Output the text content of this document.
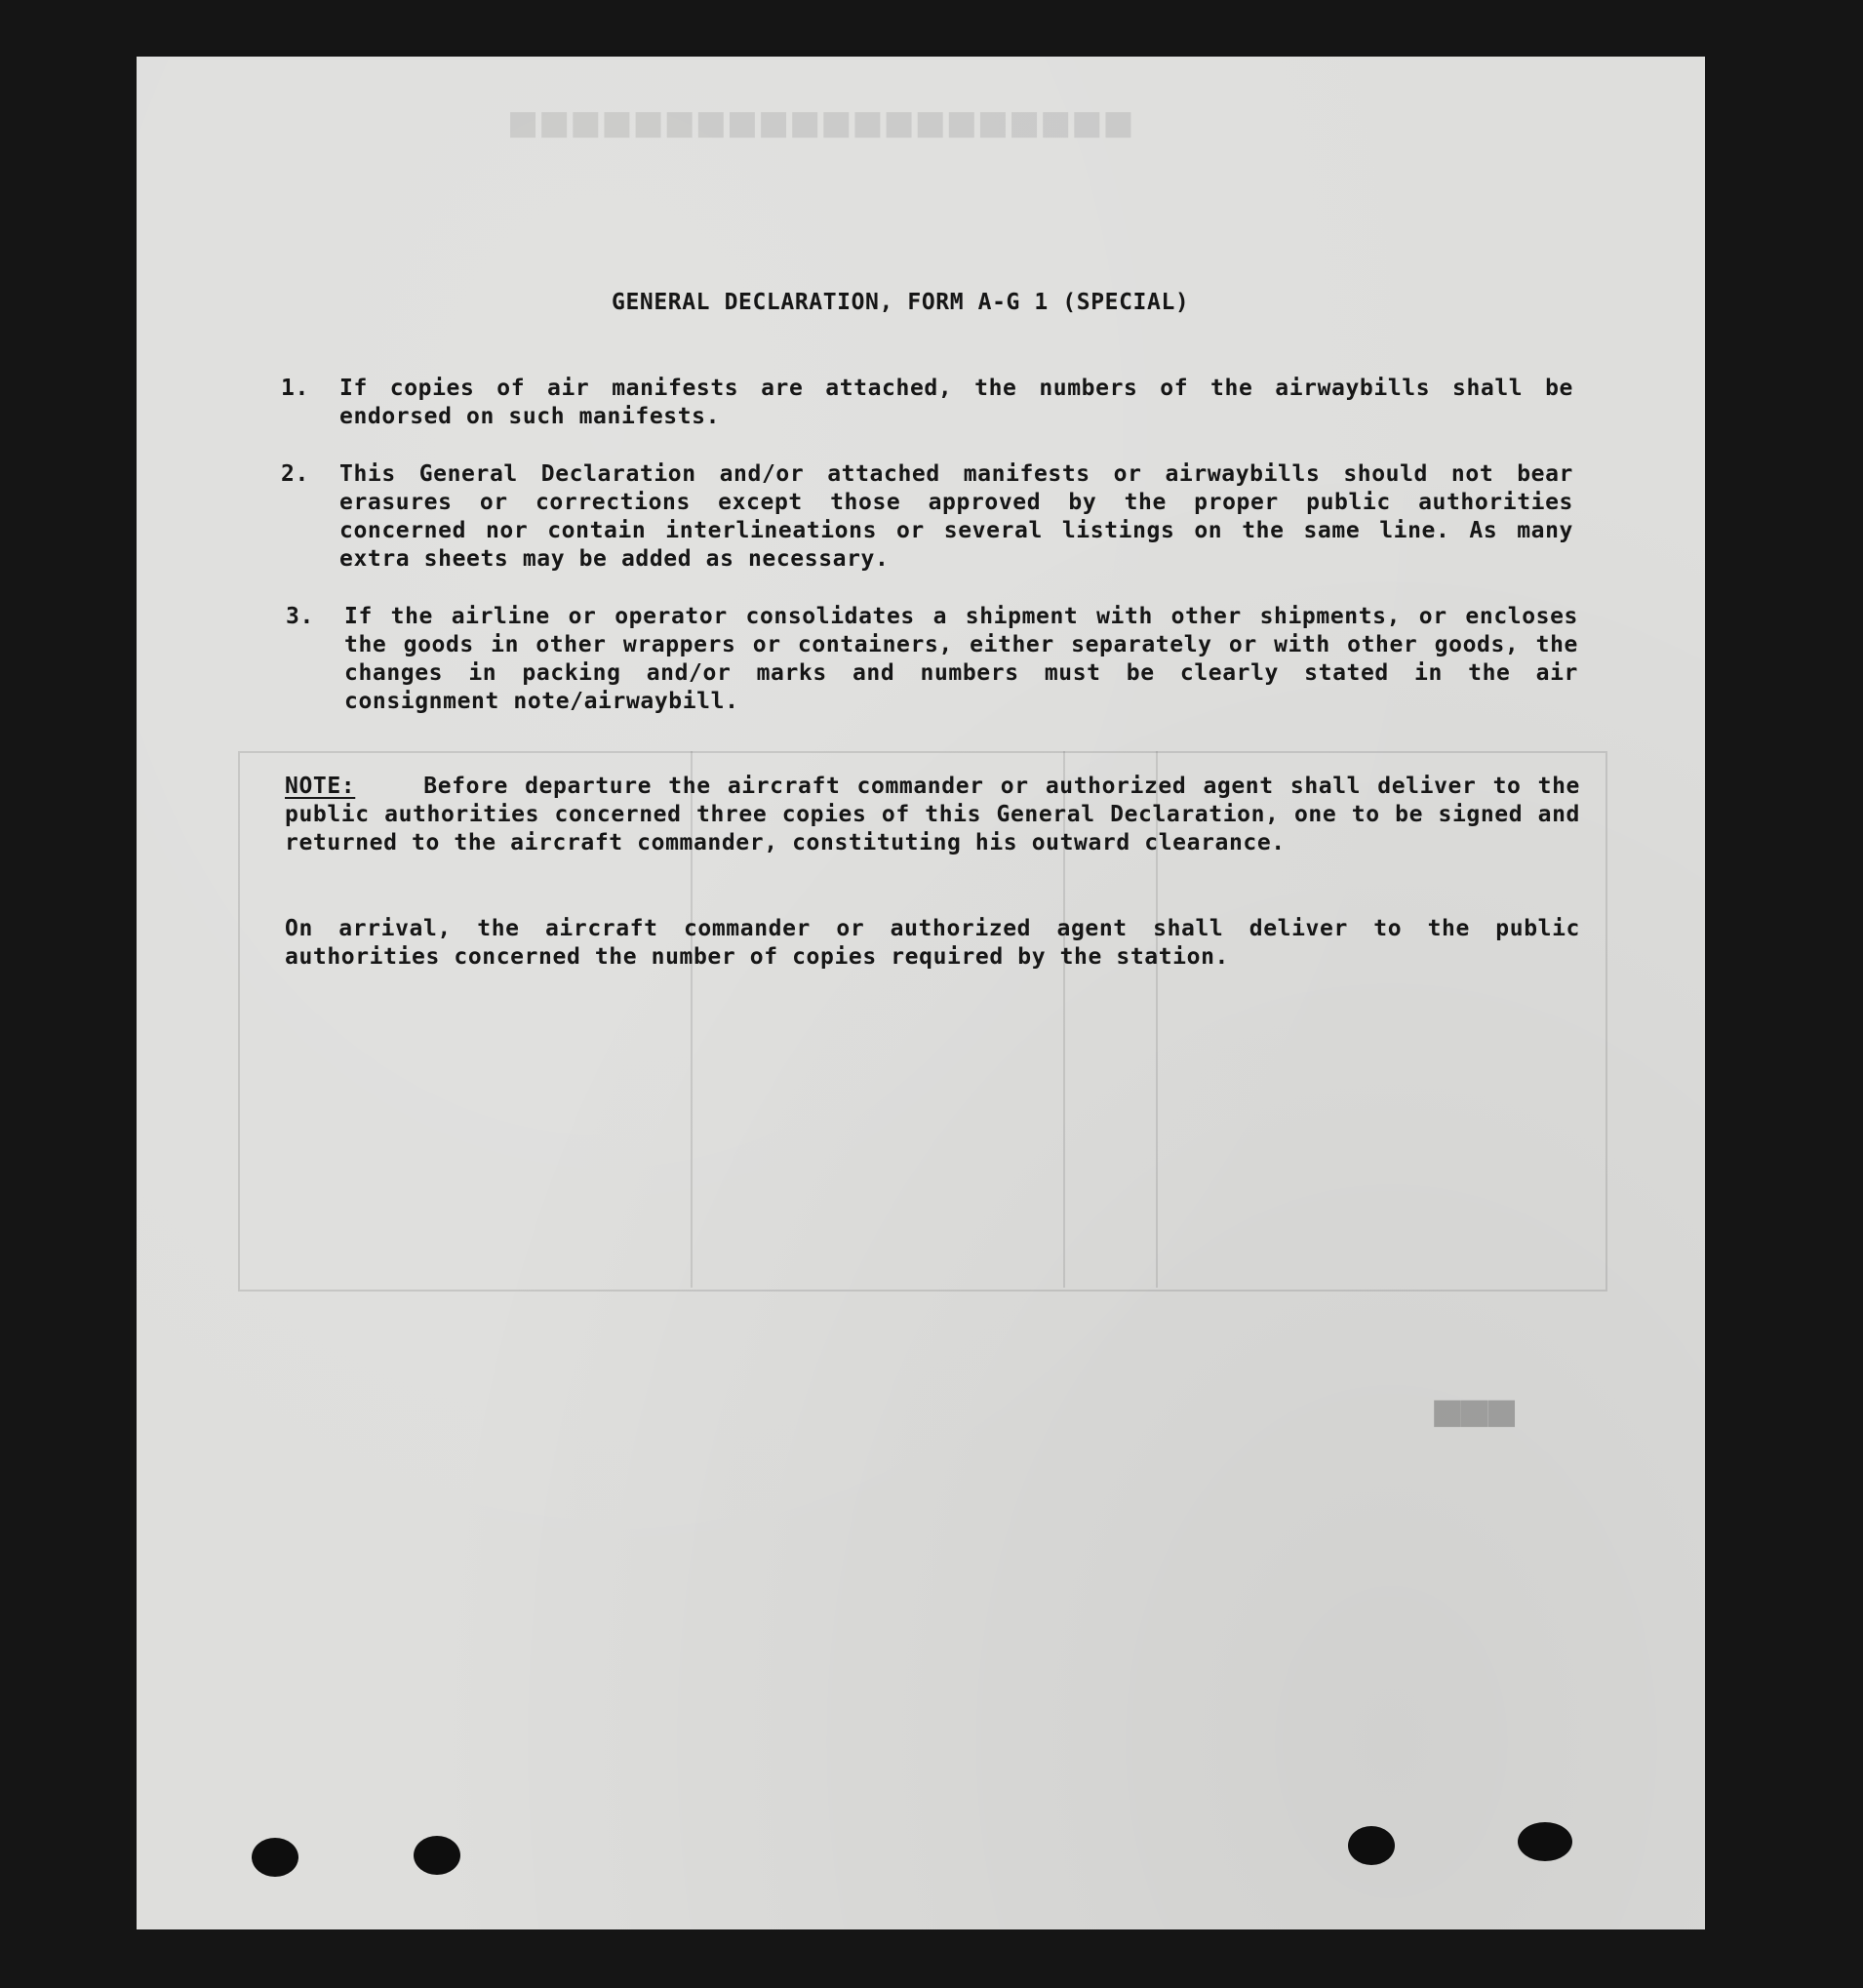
■■■■■■■■■■■■■■■■■■■■
■■■
GENERAL DECLARATION, FORM A-G 1 (SPECIAL)
1. If copies of air manifests are attached, the numbers of the airwaybills shall be endorsed on such manifests.
2. This General Declaration and/or attached manifests or airwaybills should not bear erasures or corrections except those approved by the proper public authorities concerned nor contain interlineations or several listings on the same line. As many extra sheets may be added as necessary.
3. If the airline or operator consolidates a shipment with other shipments, or encloses the goods in other wrappers or containers, either separately or with other goods, the changes in packing and/or marks and numbers must be clearly stated in the air consignment note/airwaybill.
NOTE:	Before departure the aircraft commander or authorized agent shall deliver to the public authorities concerned three copies of this General Declaration, one to be signed and returned to the aircraft commander, constituting his outward clearance.
On arrival, the aircraft commander or authorized agent shall deliver to the public authorities concerned the number of copies required by the station.
